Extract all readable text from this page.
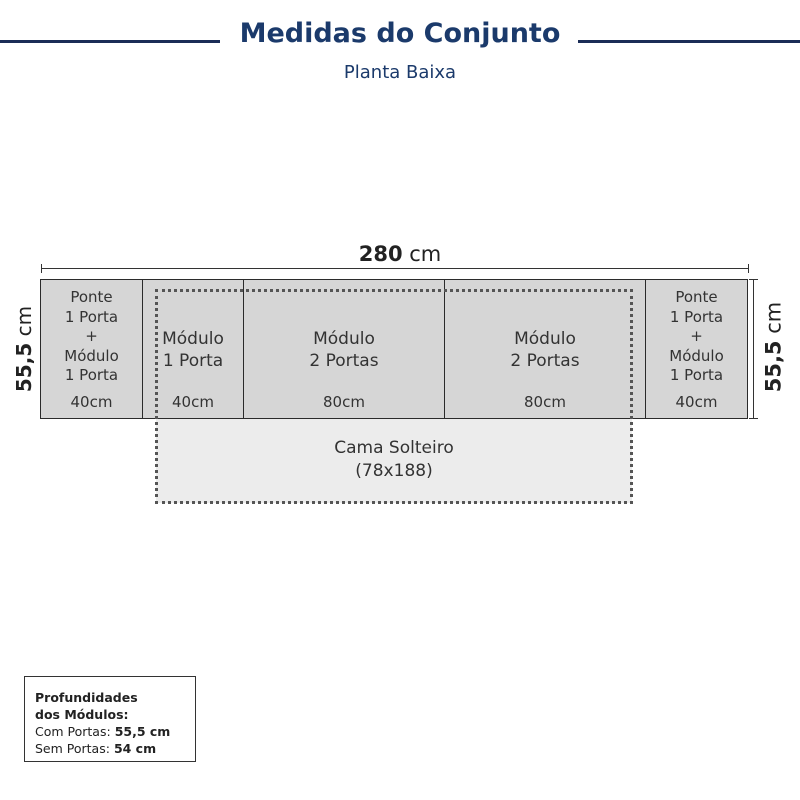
Medidas do Conjunto
Planta Baixa
280 cm
Ponte
1 Porta
+
Módulo
1 Porta
40cm
Módulo
1 Porta
40cm
Módulo
2 Portas
80cm
Módulo
2 Portas
80cm
Ponte
1 Porta
+
Módulo
1 Porta
40cm
Cama Solteiro
(78x188)
55,5 cm
55,5 cm
Profundidades
dos Módulos:
Com Portas: 55,5 cm
Sem Portas: 54 cm
